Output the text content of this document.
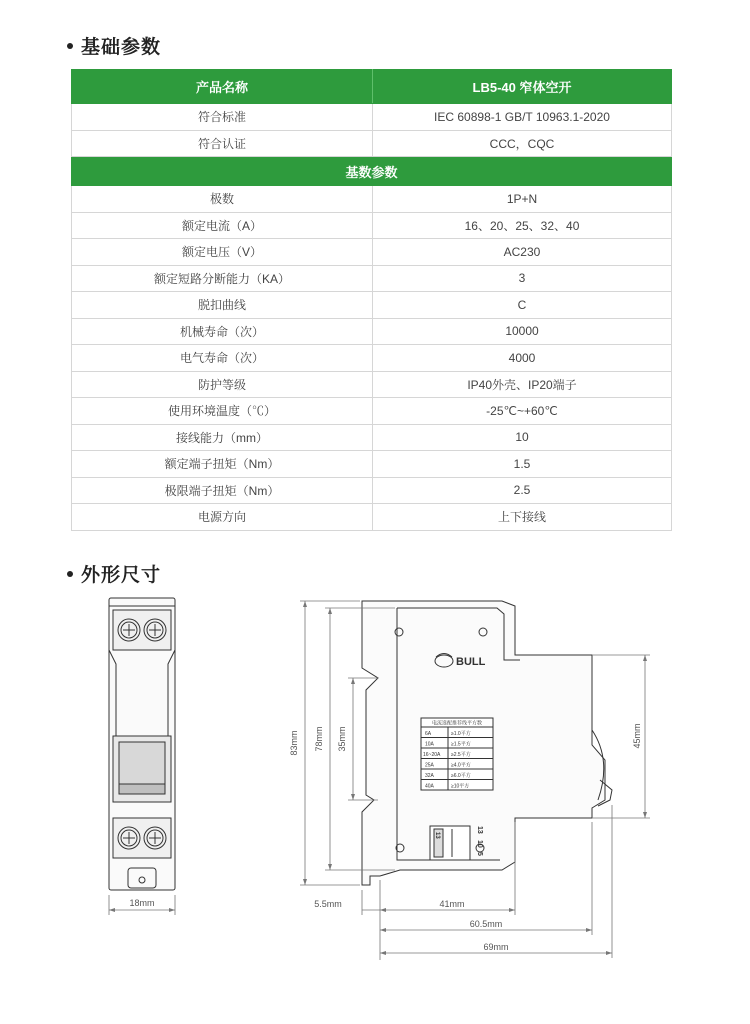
基础参数
产品名称	LB5-40 窄体空开
符合标准	IEC 60898-1 GB/T 10963.1-2020
符合认证	CCC，CQC
基数参数	
极数	1P+N
额定电流（A）	16、20、25、32、40
额定电压（V）	AC230
额定短路分断能力（KA）	3
脱扣曲线	C
机械寿命（次）	10000
电气寿命（次）	4000
防护等级	IP40外壳、IP20端子
使用环境温度（℃）	-25℃~+60℃
接线能力（mm）	10
额定端子扭矩（Nm）	1.5
极限端子扭矩（Nm）	2.5
电源方向	上下接线
外形尺寸
BULL
电流选配推荐线平方数
6A	≥1.0平方
10A	≥1.5平方
16~20A ≥2.5平方
25A	≥4.0平方
32A	≥6.0平方
40A	≥10平方
13
10
5
13
18mm
83mm 78mm 35mm	45mm
5.5mm	41mm
60.5mm
69mm
